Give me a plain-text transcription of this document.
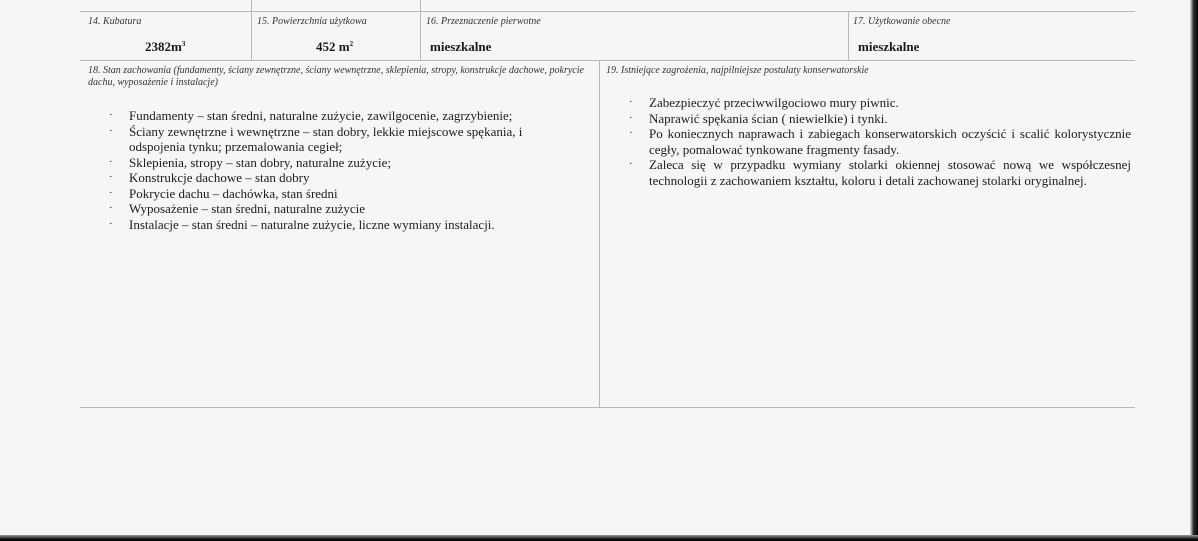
14. Kubatura
$2382m^3$
15. Powierzchnia użytkowa
452 $m^2$
16. Przeznaczenie pierwotne
mieszkalne
17. Użytkowanie obecne
mieszkalne
18. Stan zachowania (fundamenty, ściany zewnętrzne, ściany wewnętrzne, sklepienia, stropy, konstrukcje dachowe, pokrycie dachu, wyposażenie i instalacje)
· Fundamenty – stan średni, naturalne zużycie, zawilgocenie, zagrzybienie;
· Ściany zewnętrzne i wewnętrzne – stan dobry, lekkie miejscowe spękania, i odspojenia tynku; przemalowania cegieł;
· Sklepienia, stropy – stan dobry, naturalne zużycie;
· Konstrukcje dachowe – stan dobry
· Pokrycie dachu – dachówka, stan średni
· Wyposażenie – stan średni, naturalne zużycie
· Instalacje – stan średni – naturalne zużycie, liczne wymiany instalacji.
19. Istniejące zagrożenia, najpilniejsze postulaty konserwatorskie
· Zabezpieczyć przeciwwilgociowo mury piwnic.
· Naprawić spękania ścian ( niewielkie) i tynki.
· Po koniecznych naprawach i zabiegach konserwatorskich oczyścić i scalić kolorystycznie cegły, pomalować tynkowane fragmenty fasady.
· Zaleca się w przypadku wymiany stolarki okiennej stosować nową we współczesnej technologii z zachowaniem kształtu, koloru i detali zachowanej stolarki oryginalnej.
